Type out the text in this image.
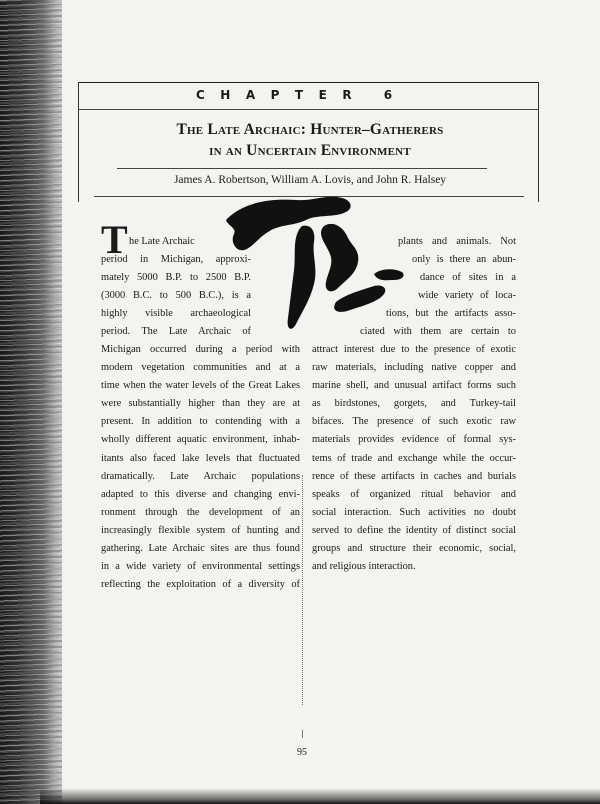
CHAPTER 6
The Late Archaic: Hunter–Gatherers
in an Uncertain Environment
James A. Robertson, William A. Lovis, and John R. Halsey
T he Late Archaic
period in Michigan, approxi-
mately 5000 B.P. to 2500 B.P.
(3000 B.C. to 500 B.C.), is a
highly visible archaeological
period. The Late Archaic of
Michigan occurred during a period with
modern vegetation communities and at a
time when the water levels of the Great Lakes
were substantially higher than they are at
present. In addition to contending with a
wholly different aquatic environment, inhab-
itants also faced lake levels that fluctuated
dramatically. Late Archaic populations
adapted to this diverse and changing envi-
ronment through the development of an
increasingly flexible system of hunting and
gathering. Late Archaic sites are thus found
in a wide variety of environmental settings
reflecting the exploitation of a diversity of
plants and animals. Not
only is there an abun-
dance of sites in a
wide variety of loca-
tions, but the artifacts asso-
ciated with them are certain to
attract interest due to the presence of exotic
raw materials, including native copper and
marine shell, and unusual artifact forms such
as birdstones, gorgets, and Turkey-tail
bifaces. The presence of such exotic raw
materials provides evidence of formal sys-
tems of trade and exchange while the occur-
rence of these artifacts in caches and burials
speaks of organized ritual behavior and
social interaction. Such activities no doubt
served to define the identity of distinct social
groups and structure their economic, social,
and religious interaction.
95
